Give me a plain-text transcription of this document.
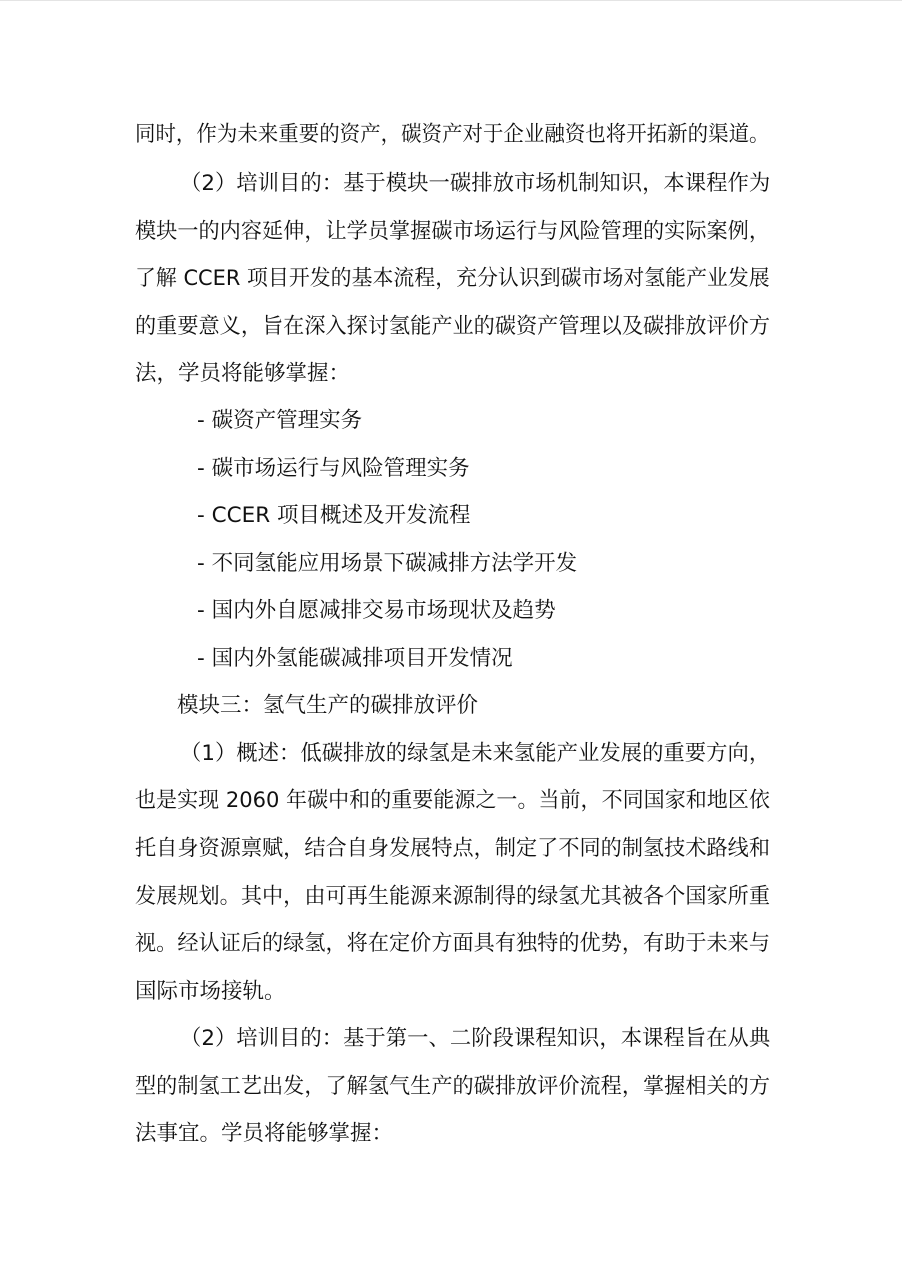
同时，作为未来重要的资产，碳资产对于企业融资也将开拓新的渠道。
（2）培训目的：基于模块一碳排放市场机制知识，本课程作为
模块一的内容延伸，让学员掌握碳市场运行与风险管理的实际案例，
了解 CCER 项目开发的基本流程，充分认识到碳市场对氢能产业发展
的重要意义，旨在深入探讨氢能产业的碳资产管理以及碳排放评价方
法，学员将能够掌握：
- 碳资产管理实务
- 碳市场运行与风险管理实务
- CCER 项目概述及开发流程
- 不同氢能应用场景下碳减排方法学开发
- 国内外自愿减排交易市场现状及趋势
- 国内外氢能碳减排项目开发情况
模块三：氢气生产的碳排放评价
（1）概述：低碳排放的绿氢是未来氢能产业发展的重要方向，
也是实现 2060 年碳中和的重要能源之一。当前，不同国家和地区依
托自身资源禀赋，结合自身发展特点，制定了不同的制氢技术路线和
发展规划。其中，由可再生能源来源制得的绿氢尤其被各个国家所重
视。经认证后的绿氢，将在定价方面具有独特的优势，有助于未来与
国际市场接轨。
（2）培训目的：基于第一、二阶段课程知识，本课程旨在从典
型的制氢工艺出发，了解氢气生产的碳排放评价流程，掌握相关的方
法事宜。学员将能够掌握：
